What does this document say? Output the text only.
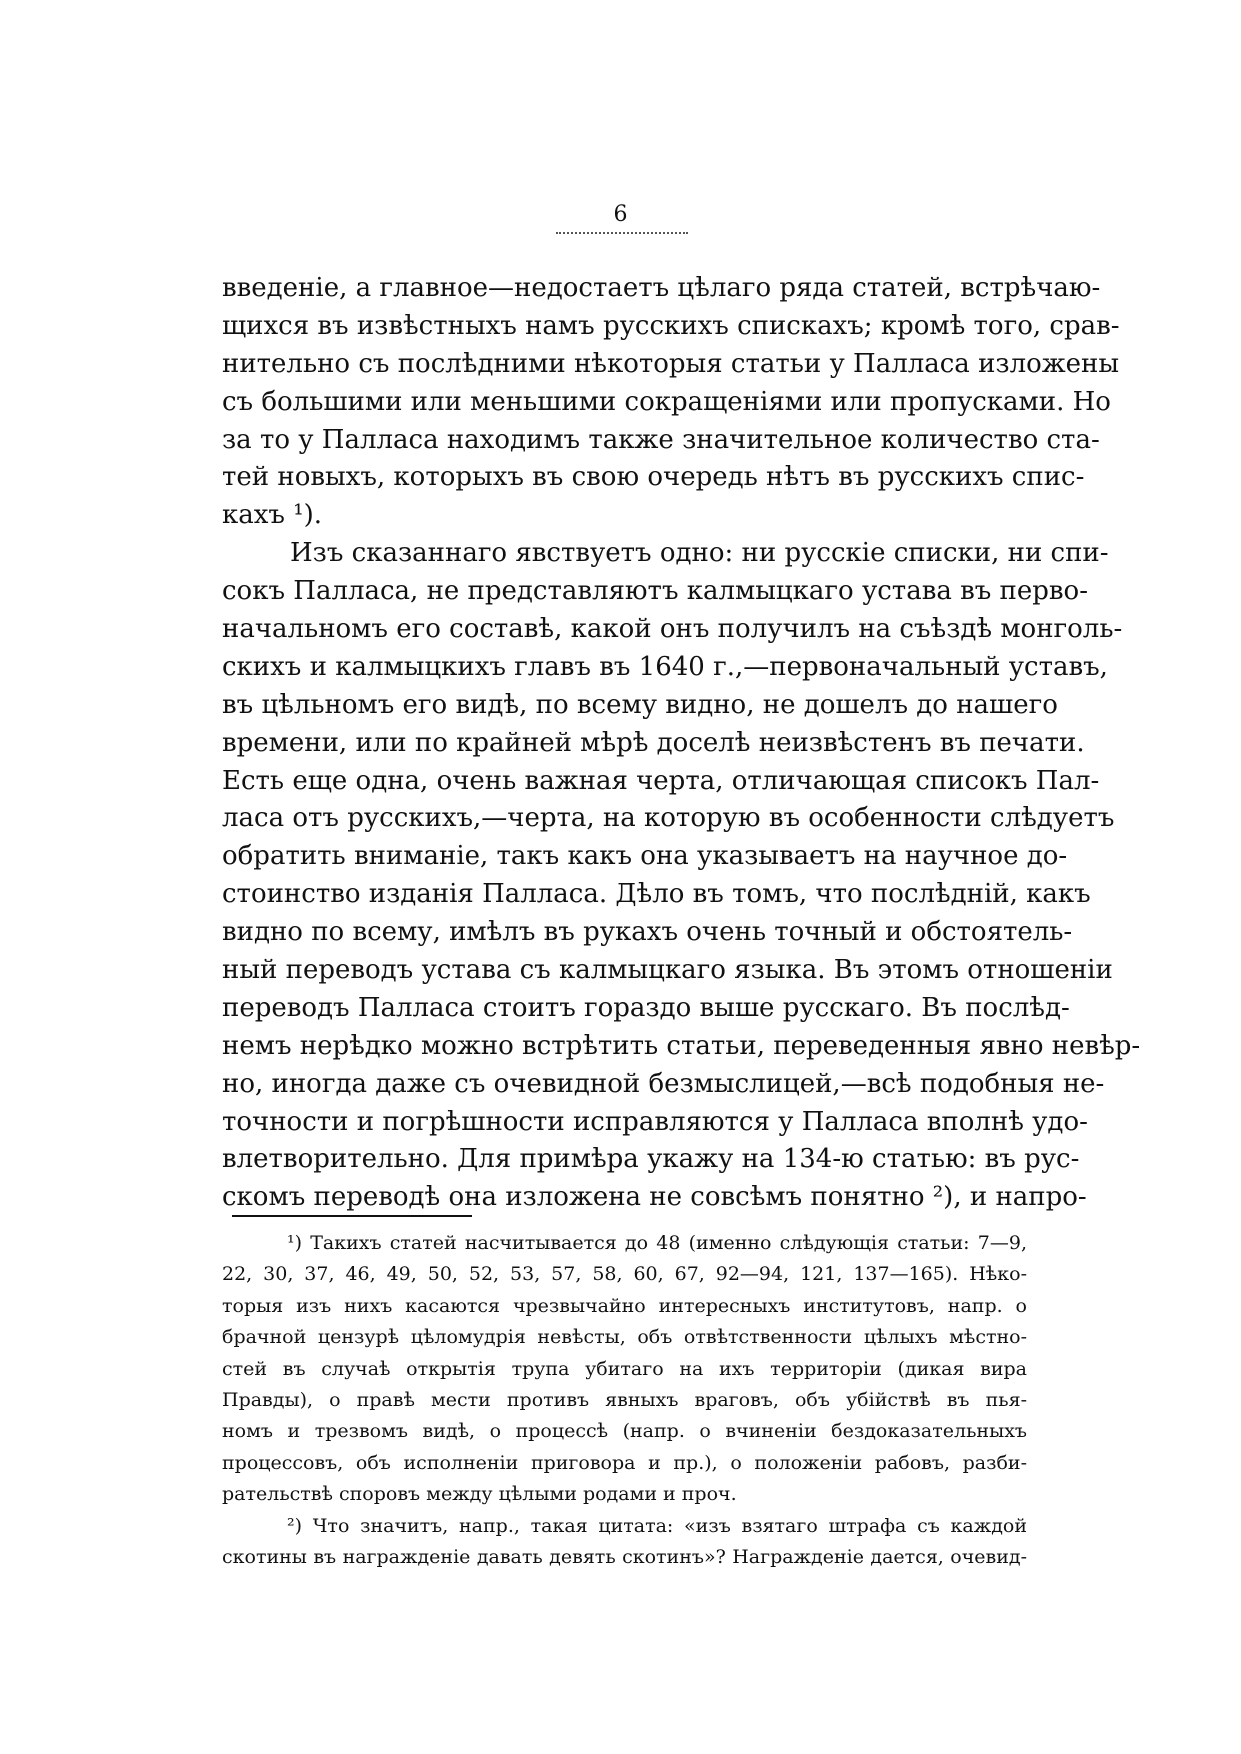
6
введеніе, а главное—недостаетъ цѣлаго ряда статей, встрѣчаю-
щихся въ извѣстныхъ намъ русскихъ спискахъ; кромѣ того, срав-
нительно съ послѣдними нѣкоторыя статьи у Палласа изложены
съ большими или меньшими сокращеніями или пропусками. Но
за то у Палласа находимъ также значительное количество ста-
тей новыхъ, которыхъ въ свою очередь нѣтъ въ русскихъ спис-
кахъ ¹).
Изъ сказаннаго явствуетъ одно: ни русскіе списки, ни спи-
сокъ Палласа, не представляютъ калмыцкаго устава въ перво-
начальномъ его составѣ, какой онъ получилъ на съѣздѣ монголь-
скихъ и калмыцкихъ главъ въ 1640 г.,—первоначальный уставъ,
въ цѣльномъ его видѣ, по всему видно, не дошелъ до нашего
времени, или по крайней мѣрѣ доселѣ неизвѣстенъ въ печати.
Есть еще одна, очень важная черта, отличающая списокъ Пал-
ласа отъ русскихъ,—черта, на которую въ особенности слѣдуетъ
обратить вниманіе, такъ какъ она указываетъ на научное до-
стоинство изданія Палласа. Дѣло въ томъ, что послѣдній, какъ
видно по всему, имѣлъ въ рукахъ очень точный и обстоятель-
ный переводъ устава съ калмыцкаго языка. Въ этомъ отношеніи
переводъ Палласа стоитъ гораздо выше русскаго. Въ послѣд-
немъ нерѣдко можно встрѣтить статьи, переведенныя явно невѣр-
но, иногда даже съ очевидной безмыслицей,—всѣ подобныя не-
точности и погрѣшности исправляются у Палласа вполнѣ удо-
влетворительно. Для примѣра укажу на 134-ю статью: въ рус-
скомъ переводѣ она изложена не совсѣмъ понятно ²), и напро-
¹) Такихъ статей насчитывается до 48 (именно слѣдующія статьи: 7—9,
22, 30, 37, 46, 49, 50, 52, 53, 57, 58, 60, 67, 92—94, 121, 137—165). Нѣко-
торыя изъ нихъ касаются чрезвычайно интересныхъ институтовъ, напр. о
брачной цензурѣ цѣломудрія невѣсты, объ отвѣтственности цѣлыхъ мѣстно-
стей въ случаѣ открытія трупа убитаго на ихъ территоріи (дикая вира
Правды), о правѣ мести противъ явныхъ враговъ, объ убійствѣ въ пья-
номъ и трезвомъ видѣ, о процессѣ (напр. о вчиненіи бездоказательныхъ
процессовъ, объ исполненіи приговора и пр.), о положеніи рабовъ, разби-
рательствѣ споровъ между цѣлыми родами и проч.
²) Что значитъ, напр., такая цитата: «изъ взятаго штрафа съ каждой
скотины въ награжденіе давать девять скотинъ»? Награжденіе дается, очевид-
